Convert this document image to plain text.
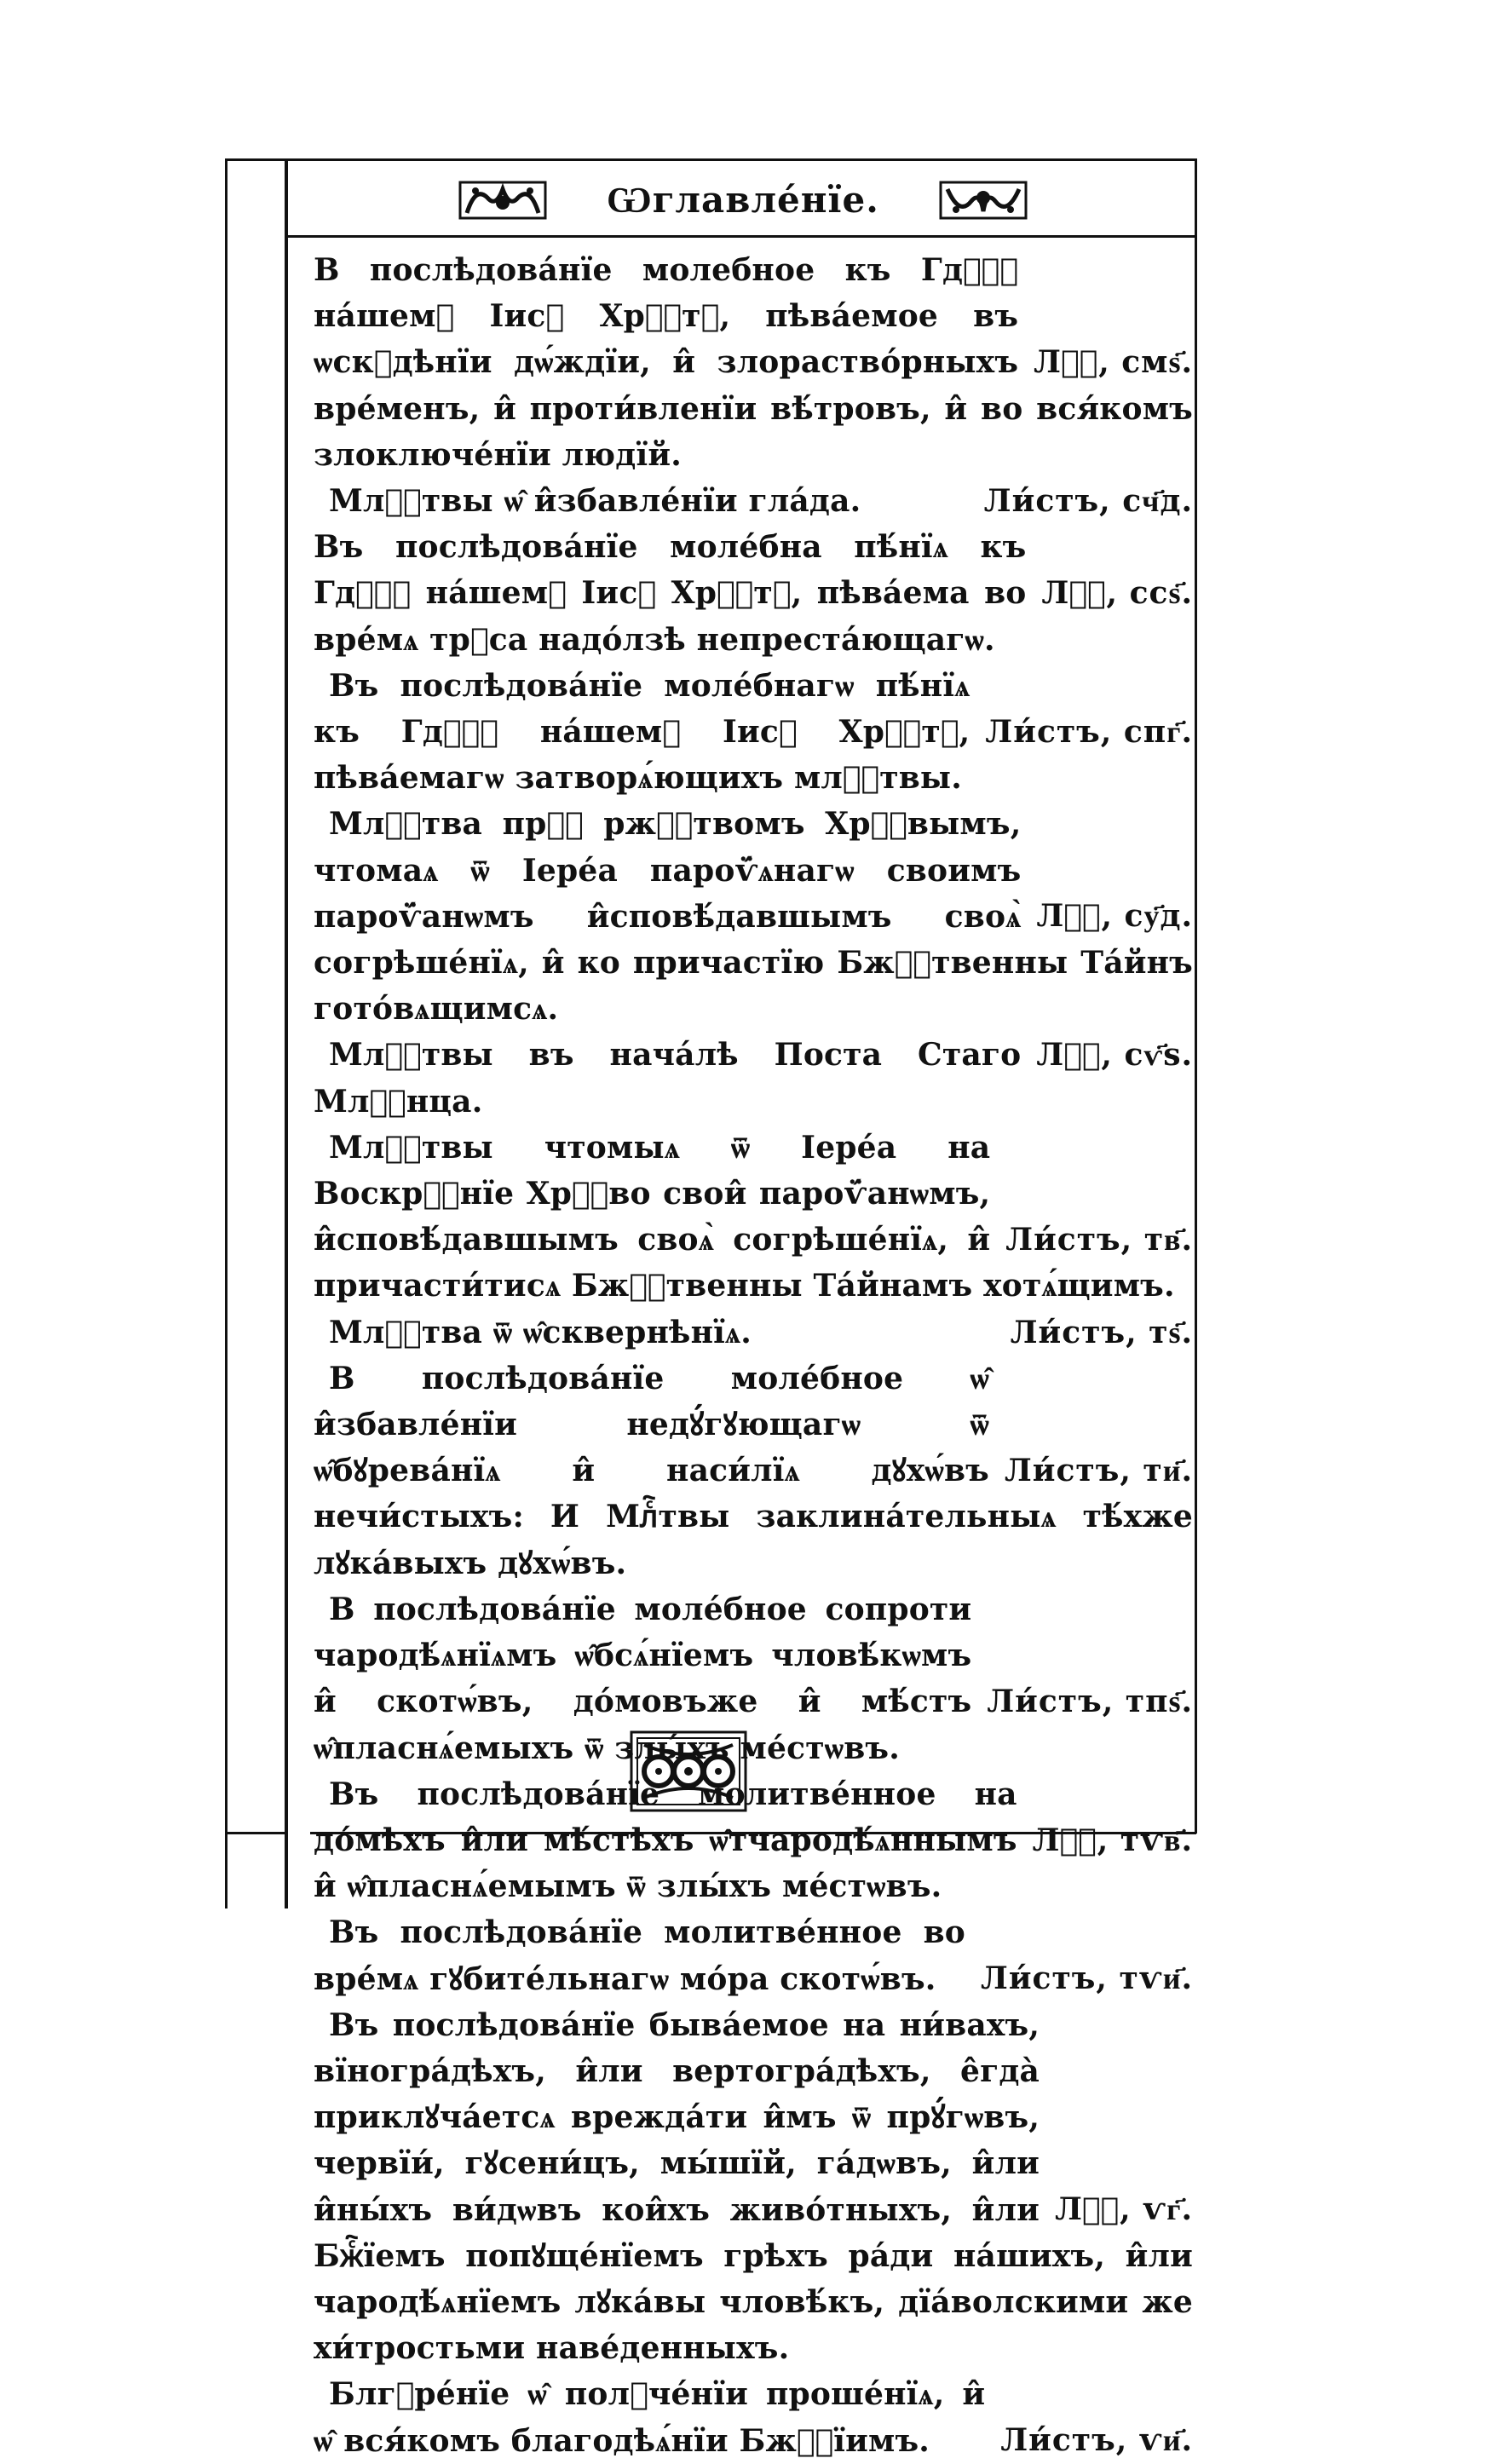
Ѡглавле́нїе.
Лⷭ҇, смѕ҃.
В послѣдова́нїе молебное къ Гдⷭ҇ꙋ на́шемꙋ Іисꙋ Хрⷭ҇тꙋ, пѣва́емое въ ѡскꙋдѣнїи дѡ́ждїи, и̂ злораство́рныхъ вре́менъ, и̂ проти́вленїи вѣ́тровъ, и̂ во вся́комъ злоключе́нїи людїй.
Ли́стъ, сч҃д.
Млⷭ҇твы ѡ̂ и̂збавле́нїи гла́да.
Лⷭ҇, ссѕ҃.
Въ послѣдова́нїе моле́бна пѣ́нїѧ къ Гдⷭ҇ꙋ на́шемꙋ Іисꙋ Хрⷭ҇тꙋ, пѣва́ема во вре́мѧ трꙋса надо́лзѣ непреста́ющагѡ.
Ли́стъ, спг҃.
Въ послѣдова́нїе моле́бнагѡ пѣ́нїѧ къ Гдⷭ҇ꙋ на́шемꙋ Іисꙋ Хрⷭ҇тꙋ, пѣва́емагѡ затворѧ́ющихъ млⷭ҇твы.
Лⷭ҇, су҃д.
Млⷭ҇тва прⷭ҇ ржⷭ҇твомъ Хрⷭ҇вымъ, чтомаѧ ѿ Іере́а пароѵ̈́ѧнагѡ своимъ пароѵ̈́анѡмъ и̂сповѣ́давшымъ своѧ̀ согрѣше́нїѧ, и̂ ко причастїю Бжⷭ҇твенны Та́йнъ гото́вѧщимсѧ.
Лⷭ҇, сѵ҃ѕ.
Млⷭ҇твы въ нача́лѣ Поста Стаго Млⷭ҇нца.
Ли́стъ, тв҃.
Млⷭ҇твы чтомыѧ ѿ Іере́а на Воскрⷭ҇нїе Хрⷭ҇во свои̂ пароѵ̈́анѡмъ, и̂сповѣ́давшымъ своѧ̀ согрѣше́нїѧ, и̂ причасти́тисѧ Бжⷭ҇твенны Та́йнамъ хотѧ́щимъ.
Ли́стъ, тѕ҃.
Млⷭ҇тва ѿ ѡ̂сквернѣнїѧ.
Ли́стъ, ти҃.
В послѣдова́нїе моле́бное ѡ̂ и̂збавле́нїи недꙋ́гꙋющагѡ ѿ ѡ̂бꙋрева́нїѧ и̂ наси́лїѧ дꙋхѡ́въ нечи́стыхъ: И Млⷭ҇твы заклина́тельныѧ тѣ́хже лꙋка́выхъ дꙋхѡ́въ.
Ли́стъ, тпѕ҃.
В послѣдова́нїе моле́бное сопроти чародѣ́ѧнїѧмъ ѡ̂бсѧ́нїемъ чловѣ́кѡмъ и̂ скотѡ́въ, до́мовъже и̂ мѣ́стъ ѡ̂пласнѧ́емыхъ ѿ злы́хъ ме́стѡвъ.
Лⷭ҇, тѵв҃.
Въ послѣдова́нїе молитве́нное на до́мѣхъ и̂ли мѣ́стѣхъ ѡ̂тчародѣ́ѧннымъ и̂ ѡ̂пласнѧ́емымъ ѿ злы́хъ ме́стѡвъ.
Ли́стъ, тѵи҃.
Въ послѣдова́нїе молитве́нное во вре́мѧ гꙋбите́льнагѡ мо́ра скотѡ́въ.
Лⷭ҇, ѵг҃.
Въ послѣдова́нїе быва́емое на ни́вахъ, вїногра́дѣхъ, и̂ли вертогра́дѣхъ, е̂гда̀ приклꙋча́етсѧ врежда́ти и̂мъ ѿ прꙋ́гѡвъ, червїи́, гꙋсени́цъ, мы́шїй, га́дѡвъ, и̂ли и̂ны́хъ ви́дѡвъ кои̂хъ живо́тныхъ, и̂ли Бжⷭ҇їемъ попꙋще́нїемъ грѣхъ ра́ди на́шихъ, и̂ли чародѣ́ѧнїемъ лꙋка́вы чловѣ́къ, дїа́волскими же хи́тростьми наве́денныхъ.
Ли́стъ, ѵи҃.
Блгⷣре́нїе ѡ̂ полꙋче́нїи проше́нїѧ, и̂ ѡ̂ вся́комъ благодѣѧ́нїи Бжⷭ҇їимъ.
